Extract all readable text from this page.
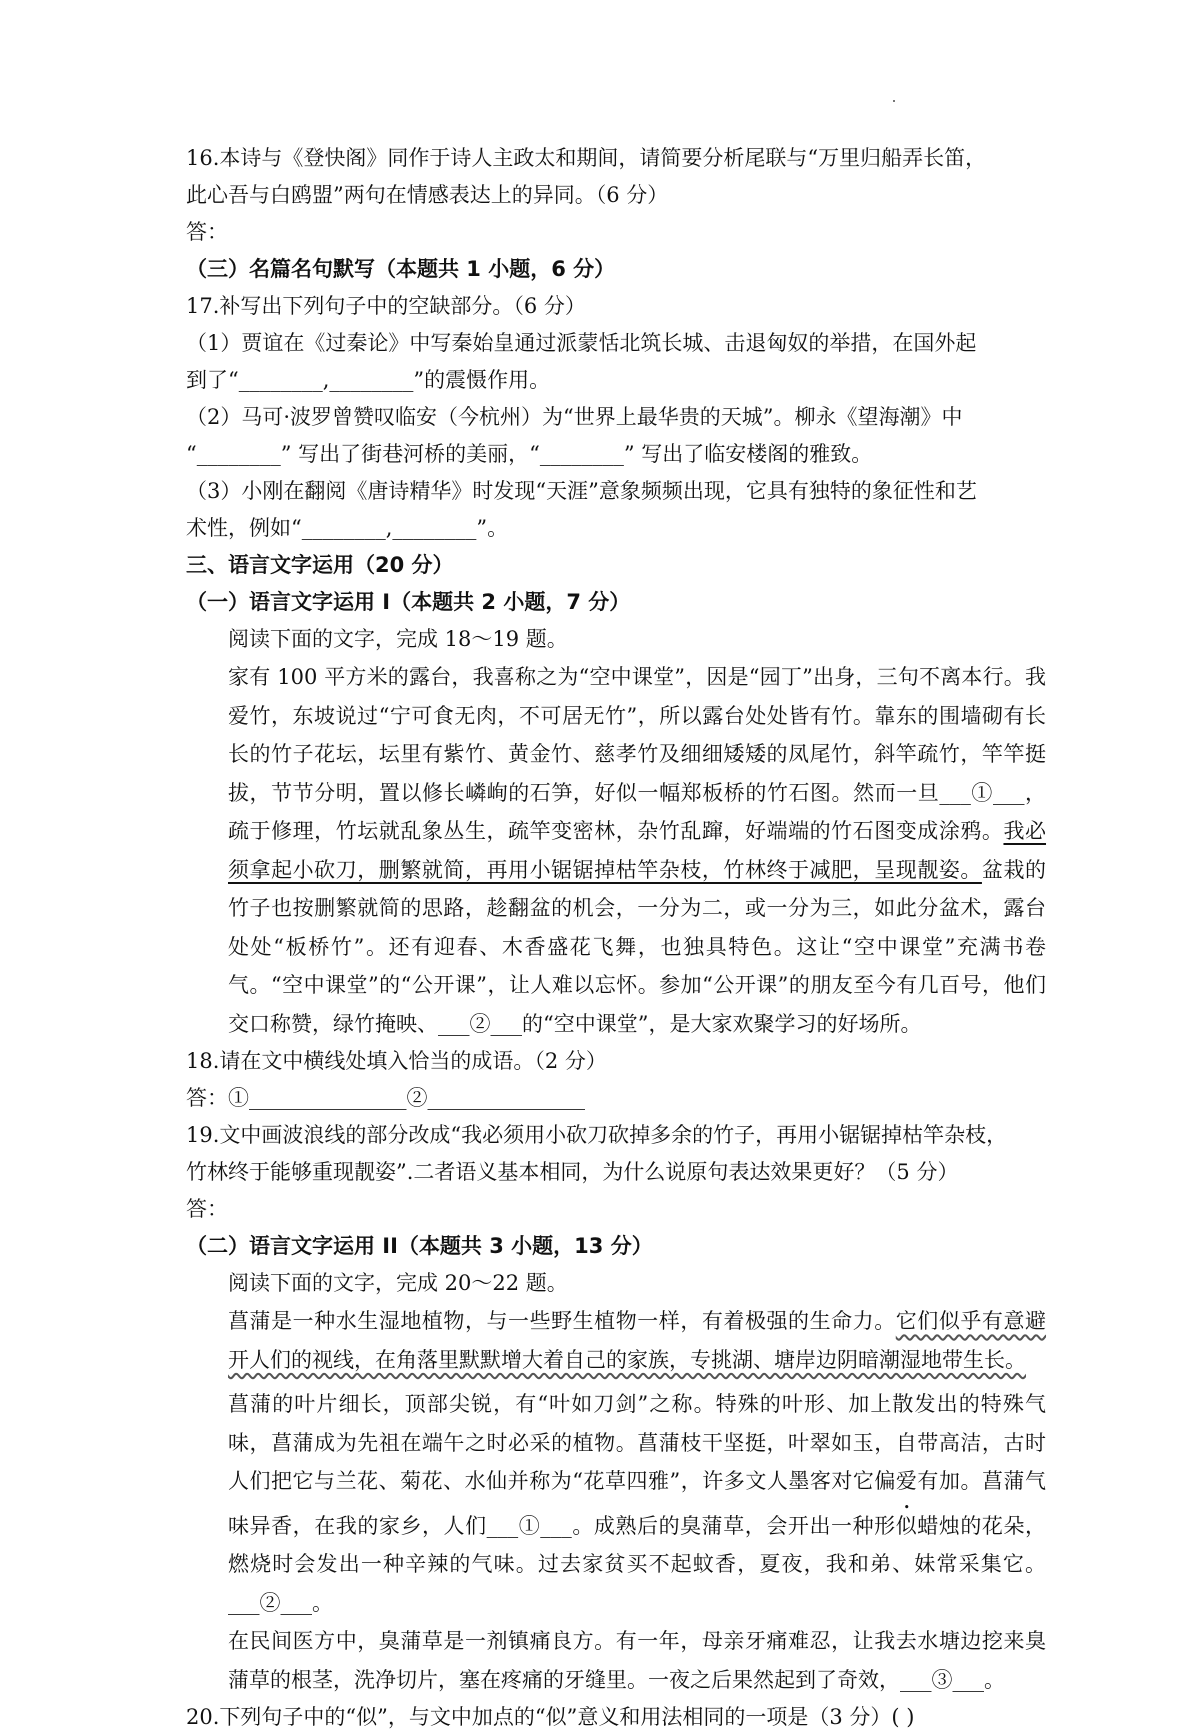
16.本诗与《登快阁》同作于诗人主政太和期间，请简要分析尾联与“万里归船弄长笛，
此心吾与白鸥盟”两句在情感表达上的异同。（6 分）
答：
（三）名篇名句默写（本题共 1 小题，6 分）
17.补写出下列句子中的空缺部分。（6 分）
（1）贾谊在《过秦论》中写秦始皇通过派蒙恬北筑长城、击退匈奴的举措，在国外起
到了“________,________”的震慑作用。
（2）马可·波罗曾赞叹临安（今杭州）为“世界上最华贵的天城”。柳永《望海潮》中
“________” 写出了街巷河桥的美丽，“________” 写出了临安楼阁的雅致。
（3）小刚在翻阅《唐诗精华》时发现“天涯”意象频频出现，它具有独特的象征性和艺
术性，例如“________,________”。
三、语言文字运用（20 分）
（一）语言文字运用 I（本题共 2 小题，7 分）
阅读下面的文字，完成 18～19 题。
家有 100 平方米的露台，我喜称之为“空中课堂”，因是“园丁”出身，三句不离本行。我爱竹，东坡说过“宁可食无肉，不可居无竹”，所以露台处处皆有竹。靠东的围墙砌有长长的竹子花坛，坛里有紫竹、黄金竹、慈孝竹及细细矮矮的凤尾竹，斜竿疏竹，竿竿挺拔，节节分明，置以修长嶙峋的石笋，好似一幅郑板桥的竹石图。然而一旦___①___，疏于修理，竹坛就乱象丛生，疏竿变密林，杂竹乱蹿，好端端的竹石图变成涂鸦。我必须拿起小砍刀，删繁就简，再用小锯锯掉枯竿杂枝，竹林终于减肥，呈现靓姿。盆栽的竹子也按删繁就简的思路，趁翻盆的机会，一分为二，或一分为三，如此分盆术，露台处处“板桥竹”。还有迎春、木香盛花飞舞，也独具特色。这让“空中课堂”充满书卷气。“空中课堂”的“公开课”，让人难以忘怀。参加“公开课”的朋友至今有几百号，他们交口称赞，绿竹掩映、___②___的“空中课堂”，是大家欢聚学习的好场所。
18.请在文中横线处填入恰当的成语。（2 分）
答：①_______________②_______________
19.文中画波浪线的部分改成“我必须用小砍刀砍掉多余的竹子，再用小锯锯掉枯竿杂枝，
竹林终于能够重现靓姿”.二者语义基本相同，为什么说原句表达效果更好？（5 分）
答：
（二）语言文字运用 II（本题共 3 小题，13 分）
阅读下面的文字，完成 20～22 题。
菖蒲是一种水生湿地植物，与一些野生植物一样，有着极强的生命力。它们似乎有意避开人们的视线，在角落里默默增大着自己的家族，专挑湖、塘岸边阴暗潮湿地带生长。
菖蒲的叶片细长，顶部尖锐，有“叶如刀剑”之称。特殊的叶形、加上散发出的特殊气味，菖蒲成为先祖在端午之时必采的植物。菖蒲枝干坚挺，叶翠如玉，自带高洁，古时人们把它与兰花、菊花、水仙并称为“花草四雅”，许多文人墨客对它偏爱有加。菖蒲气味异香，在我的家乡，人们___①___。成熟后的臭蒲草，会开出一种形似蜡烛的花朵，燃烧时会发出一种辛辣的气味。过去家贫买不起蚊香，夏夜，我和弟、妹常采集它。___②___。
在民间医方中，臭蒲草是一剂镇痛良方。有一年，母亲牙痛难忍，让我去水塘边挖来臭蒲草的根茎，洗净切片，塞在疼痛的牙缝里。一夜之后果然起到了奇效，___③___。
20.下列句子中的“似”，与文中加点的“似”意义和用法相同的一项是（3 分）( )
